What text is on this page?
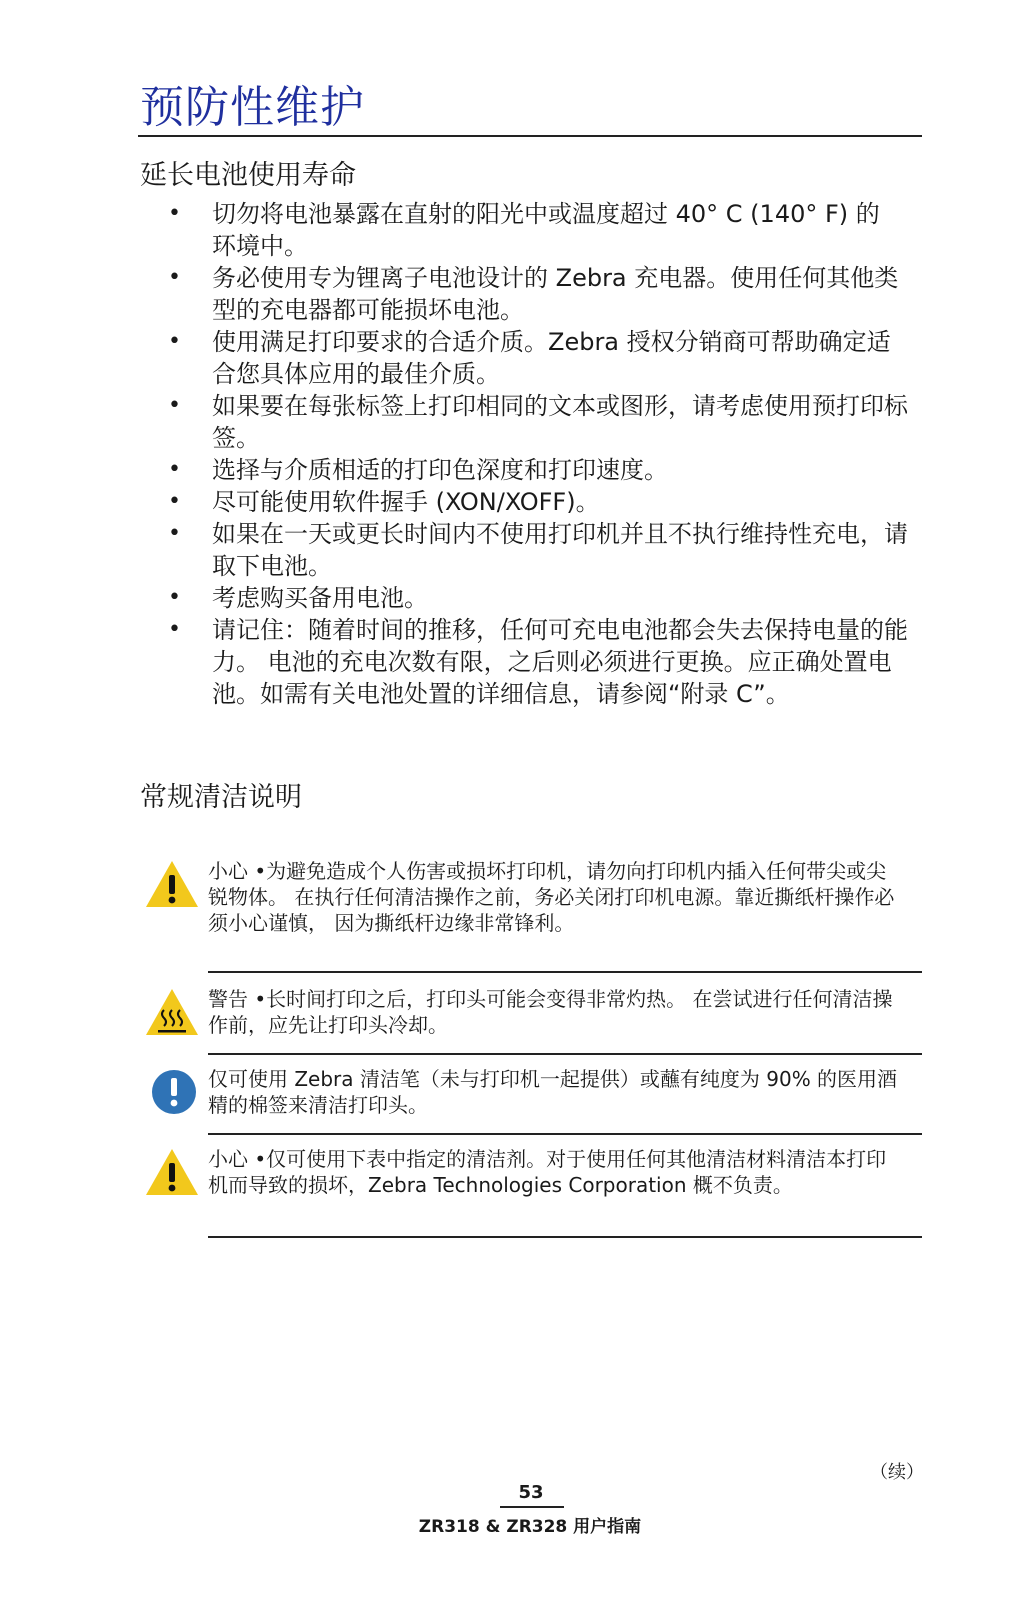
预防性维护
延长电池使用寿命
• 切勿将电池暴露在直射的阳光中或温度超过 40° C (140° F) 的环境中。
• 务必使用专为锂离子电池设计的 Zebra 充电器。使用任何其他类型的充电器都可能损坏电池。
• 使用满足打印要求的合适介质。Zebra 授权分销商可帮助确定适合您具体应用的最佳介质。
• 如果要在每张标签上打印相同的文本或图形，请考虑使用预打印标签。
• 选择与介质相适的打印色深度和打印速度。
• 尽可能使用软件握手 (XON/XOFF)。
• 如果在一天或更长时间内不使用打印机并且不执行维持性充电，请取下电池。
• 考虑购买备用电池。
• 请记住：随着时间的推移，任何可充电电池都会失去保持电量的能力。 电池的充电次数有限，之后则必须进行更换。应正确处置电池。如需有关电池处置的详细信息，请参阅“附录 C”。
常规清洁说明
小心 •为避免造成个人伤害或损坏打印机，请勿向打印机内插入任何带尖或尖锐物体。 在执行任何清洁操作之前，务必关闭打印机电源。靠近撕纸杆操作必须小心谨慎， 因为撕纸杆边缘非常锋利。
警告 •长时间打印之后，打印头可能会变得非常灼热。 在尝试进行任何清洁操作前，应先让打印头冷却。
仅可使用 Zebra 清洁笔（未与打印机一起提供）或蘸有纯度为 90% 的医用酒精的棉签来清洁打印头。
小心 •仅可使用下表中指定的清洁剂。对于使用任何其他清洁材料清洁本打印机而导致的损坏，Zebra Technologies Corporation 概不负责。
（续）
53
ZR318 & ZR328 用户指南
